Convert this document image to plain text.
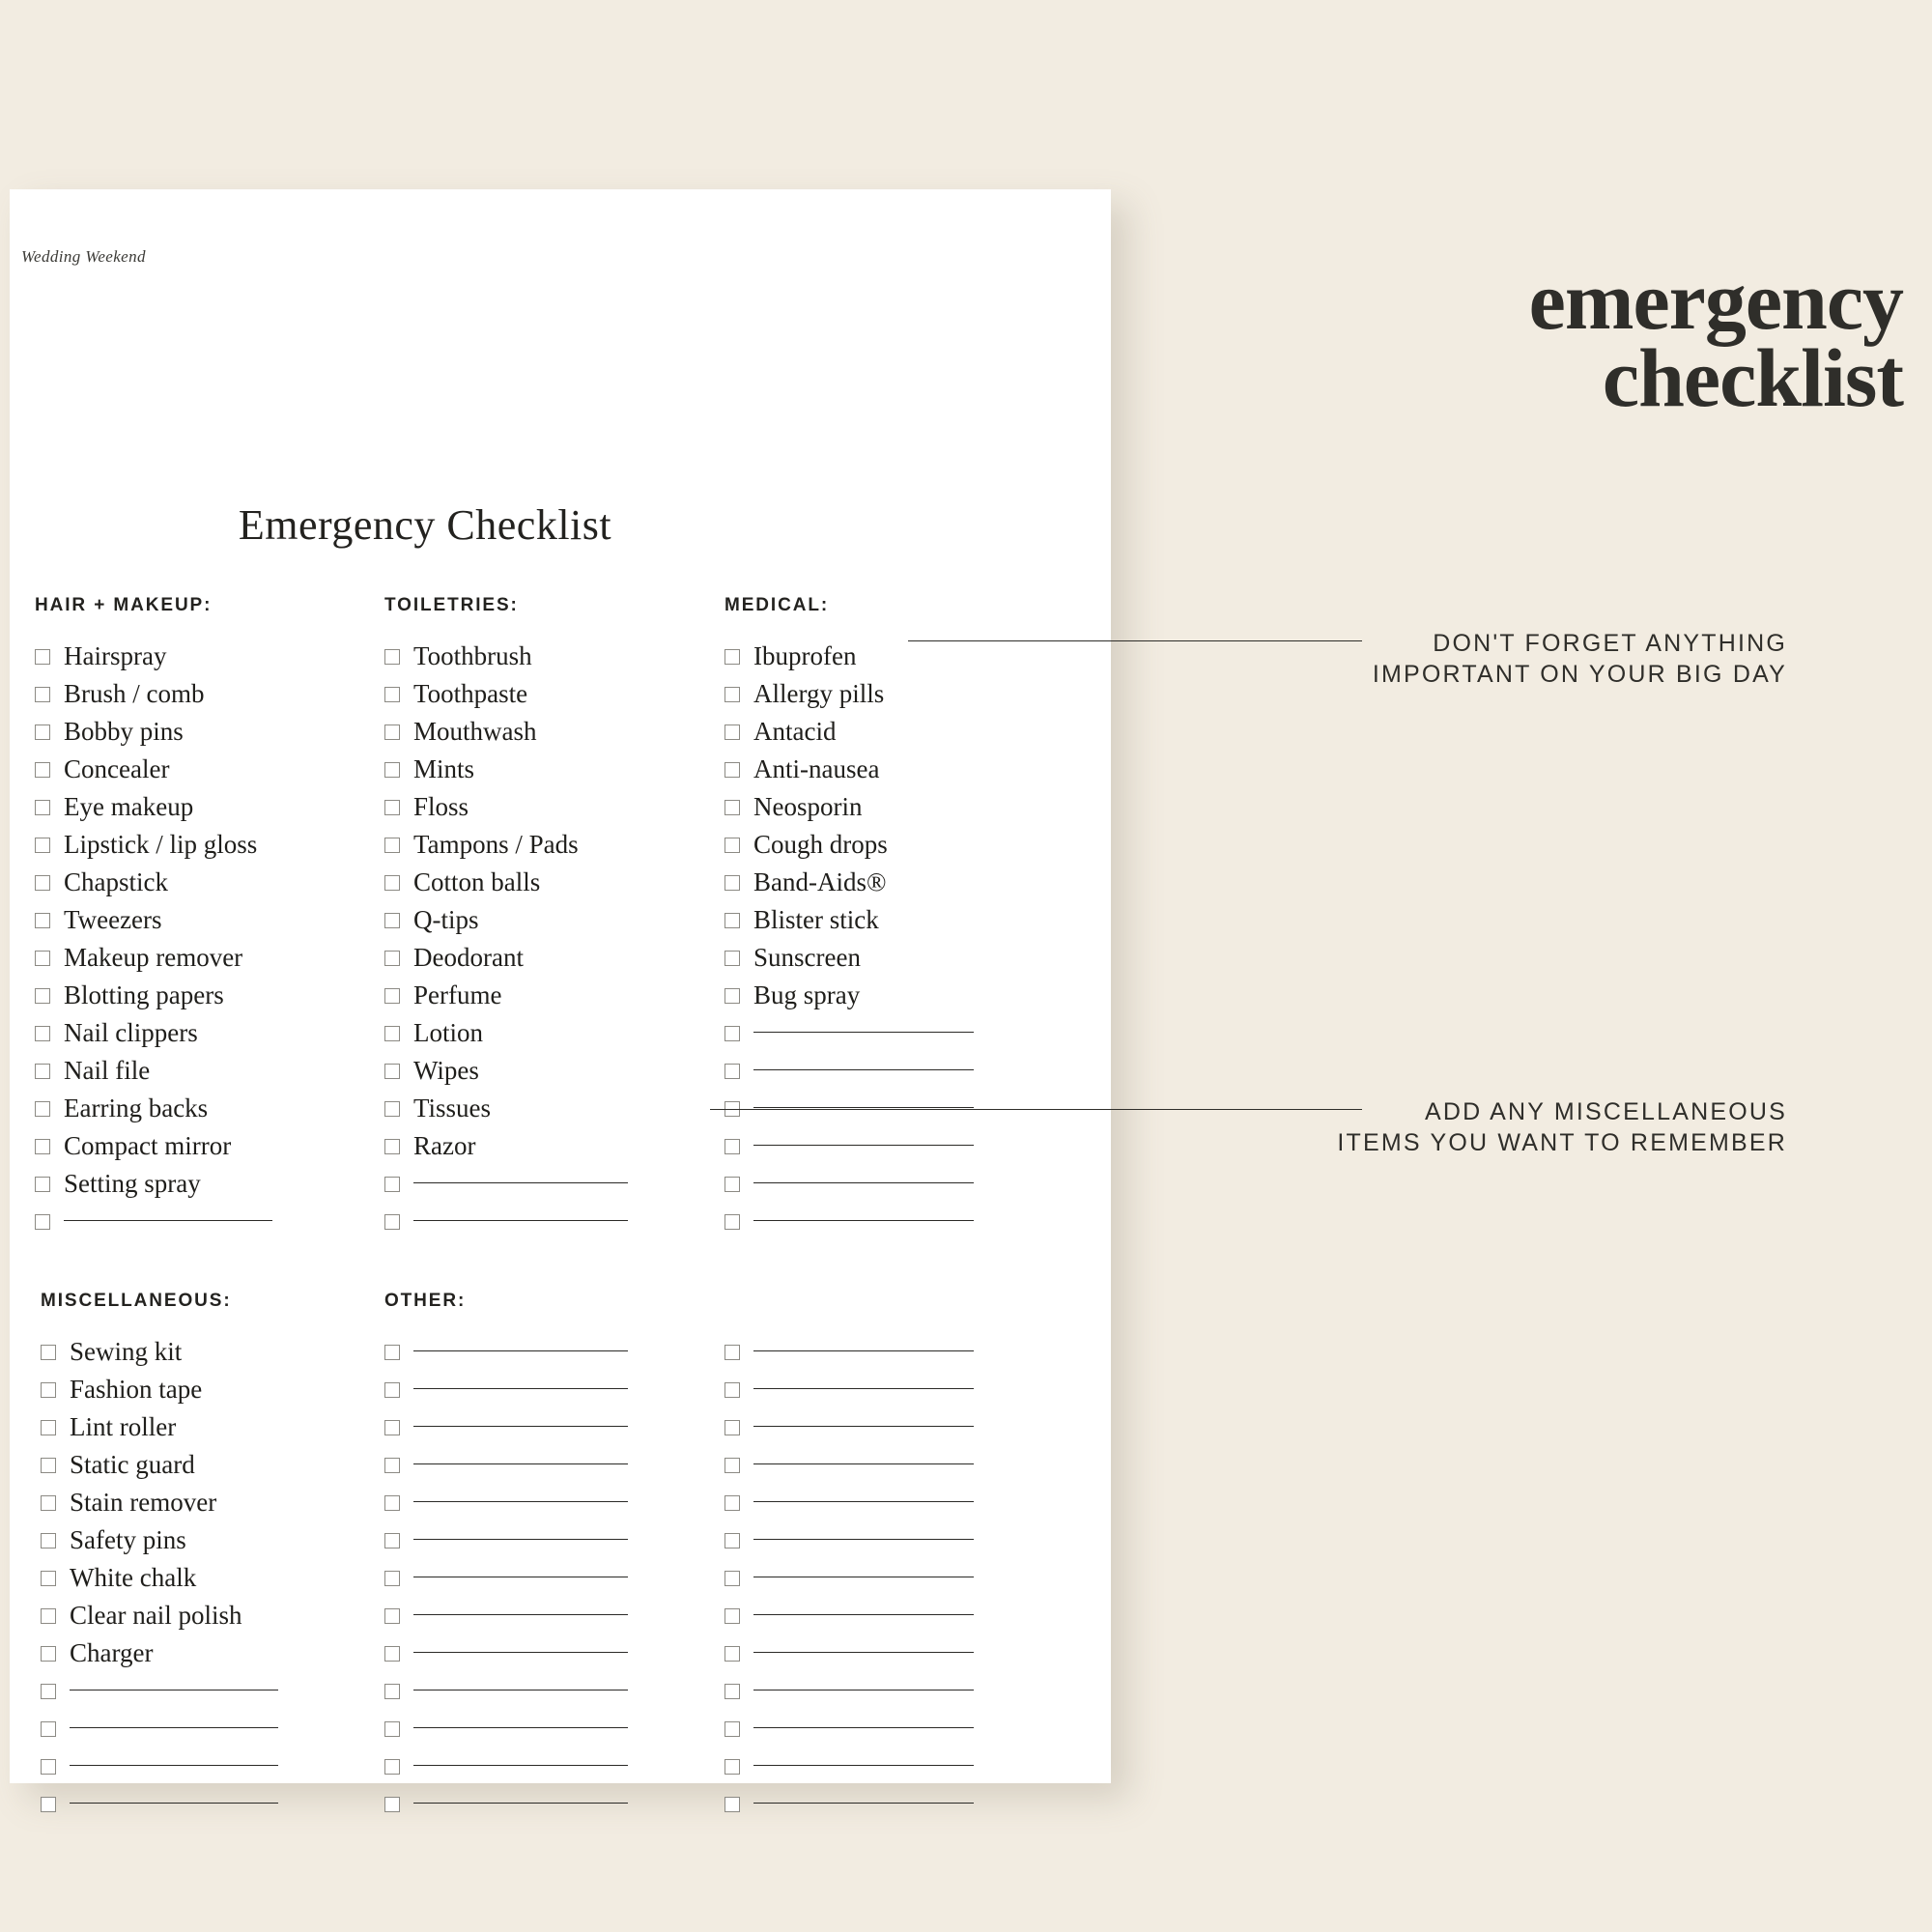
Wedding Weekend
Emergency Checklist
HAIR + MAKEUP:
Hairspray
Brush / comb
Bobby pins
Concealer
Eye makeup
Lipstick / lip gloss
Chapstick
Tweezers
Makeup remover
Blotting papers
Nail clippers
Nail file
Earring backs
Compact mirror
Setting spray
TOILETRIES:
Toothbrush
Toothpaste
Mouthwash
Mints
Floss
Tampons / Pads
Cotton balls
Q-tips
Deodorant
Perfume
Lotion
Wipes
Tissues
Razor
MEDICAL:
Ibuprofen
Allergy pills
Antacid
Anti-nausea
Neosporin
Cough drops
Band-Aids®
Blister stick
Sunscreen
Bug spray
MISCELLANEOUS:
Sewing kit
Fashion tape
Lint roller
Static guard
Stain remover
Safety pins
White chalk
Clear nail polish
Charger
OTHER:

emergency
checklist
DON'T FORGET ANYTHING
IMPORTANT ON YOUR BIG DAY
ADD ANY MISCELLANEOUS
ITEMS YOU WANT TO REMEMBER
